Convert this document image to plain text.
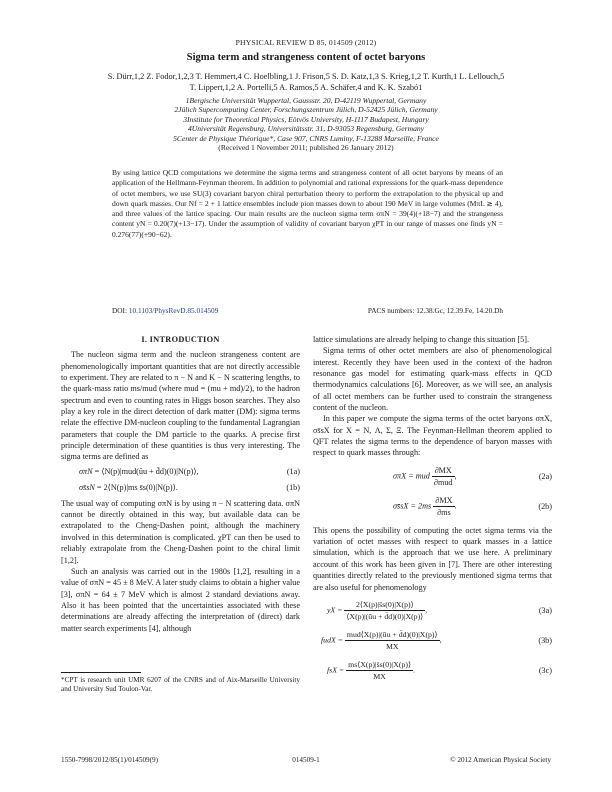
PHYSICAL REVIEW D 85, 014509 (2012)
Sigma term and strangeness content of octet baryons
S. Dürr,1,2 Z. Fodor,1,2,3 T. Hemmert,4 C. Hoelbling,1 J. Frison,5 S. D. Katz,1,3 S. Krieg,1,2 T. Kurth,1 L. Lellouch,5
T. Lippert,1,2 A. Portelli,5 A. Ramos,5 A. Schäfer,4 and K. K. Szabó1
1Bergische Universität Wuppertal, Gaussstr. 20, D-42119 Wuppertal, Germany
2Jülich Supercomputing Center, Forschungszentrum Jülich, D-52425 Jülich, Germany
3Institute for Theoretical Physics, Eötvös University, H-1117 Budapest, Hungary
4Universität Regensburg, Universitätsstr. 31, D-93053 Regensburg, Germany
5Center de Physique Théorique*, Case 907, CNRS Luminy, F-13288 Marseille, France
(Received 1 November 2011; published 26 January 2012)
By using lattice QCD computations we determine the sigma terms and strangeness content of all octet baryons by means of an application of the Hellmann-Feynman theorem. In addition to polynomial and rational expressions for the quark-mass dependence of octet members, we use SU(3) covariant baryon chiral perturbation theory to perform the extrapolation to the physical up and down quark masses. Our Nf = 2 + 1 lattice ensembles include pion masses down to about 190 MeV in large volumes (MπL ≳ 4), and three values of the lattice spacing. Our main results are the nucleon sigma term σπN = 39(4)(+18−7) and the strangeness content yN = 0.20(7)(+13−17). Under the assumption of validity of covariant baryon χPT in our range of masses one finds yN = 0.276(77)(+90−62).
DOI: 10.1103/PhysRevD.85.014509	PACS numbers: 12.38.Gc, 12.39.Fe, 14.20.Dh
I. INTRODUCTION

The nucleon sigma term and the nucleon strangeness content are phenomenologically important quantities that are not directly accessible to experiment. They are related to π − N and K − N scattering lengths, to the quark-mass ratio ms/mud (where mud = (mu + md)/2), to the hadron spectrum and even to counting rates in Higgs boson searches. They also play a key role in the direct detection of dark matter (DM): sigma terms relate the effective DM-nucleon coupling to the fundamental Lagrangian parameters that couple the DM particle to the quarks. A precise first principle determination of these quantities is thus very interesting. The sigma terms are defined as

σπN = ⟨N(p)|mud(ūu + d̄d)(0)|N(p)⟩,	(1a)
σs̄sN = 2⟨N(p)|ms s̄s(0)|N(p)⟩.	(1b)

The usual way of computing σπN is by using π − N scattering data. σπN cannot be directly obtained in this way, but available data can be extrapolated to the Cheng-Dashen point, although the machinery involved in this determination is complicated. χPT can then be used to reliably extrapolate from the Cheng-Dashen point to the chiral limit [1,2].

Such an analysis was carried out in the 1980s [1,2], resulting in a value of σπN = 45 ± 8 MeV. A later study claims to obtain a higher value [3], σπN = 64 ± 7 MeV which is almost 2 standard deviations away. Also it has been pointed that the uncertainties associated with these determinations are already affecting the interpretation of (direct) dark matter search experiments [4], although

*CPT is research unit UMR 6207 of the CNRS and of Aix-Marseille University and University Sud Toulon-Var.

lattice simulations are already helping to change this situation [5].

Sigma terms of other octet members are also of phenomenological interest. Recently they have been used in the context of the hadron resonance gas model for estimating quark-mass effects in QCD thermodynamics calculations [6]. Moreover, as we will see, an analysis of all octet members can be further used to constrain the strangeness content of the nucleon.

In this paper we compute the sigma terms of the octet baryons σπX, σs̄sX for X = N, Λ, Σ, Ξ. The Feynman-Hellman theorem applied to QFT relates the sigma terms to the dependence of baryon masses with respect to quark masses through:

σπX = mud $\frac{\partial MX}{\text{∂mud}}$ ,	(2a)
σs̄sX = $2ms \frac{\partial MX}{\partial ms}$ .	(2b)

This opens the possibility of computing the octet sigma terms via the variation of octet masses with respect to quark masses in a lattice simulation, which is the approach that we use here. A preliminary account of this work has been given in [7]. There are other interesting quantities directly related to the previously mentioned sigma terms that are also useful for phenomenology

yX = $\frac{2⟨X(p)|s̄s(0)|X(p)⟩}{⟨X(p)|(ūu + d̄d)(0)|X(p)⟩}$ ,	(3a)
fudX = $\frac{\text{mud⟨X(p)|(ūu + d̄d)(0)|X(p)⟩}}{MX}$ ,	(3b)
fsX = $\frac{ms⟨X(p)|s̄s(0)|X(p)⟩}{MX}$ .	(3c)
1550-7998/2012/85(1)/014509(9)	014509-1	© 2012 American Physical Society
